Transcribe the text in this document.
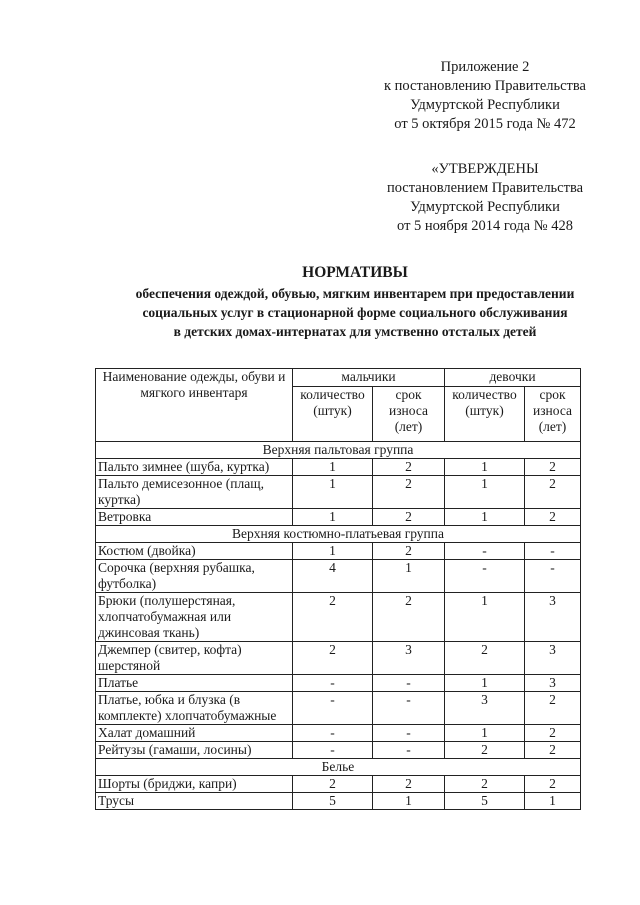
Приложение 2
к постановлению Правительства
Удмуртской Республики
от 5 октября 2015 года № 472
«УТВЕРЖДЕНЫ
постановлением Правительства
Удмуртской Республики
от 5 ноября 2014 года № 428
НОРМАТИВЫ
обеспечения одеждой, обувью, мягким инвентарем при предоставлении
социальных услуг в стационарной форме социального обслуживания
в детских домах-интернатах для умственно отсталых детей
Наименование одежды, обуви и мягкого инвентаря	мальчики		девочки	
	количество (штук)	срок износа (лет)	количество (штук)	срок износа (лет)
Верхняя пальтовая группа				
Пальто зимнее (шуба, куртка)	1	2	1	2
Пальто демисезонное (плащ, куртка)	1	2	1	2
Ветровка	1	2	1	2
Верхняя костюмно-платьевая группа				
Костюм (двойка)	1	2	-	-
Сорочка (верхняя рубашка, футболка)	4	1	-	-
Брюки (полушерстяная, хлопчатобумажная или джинсовая ткань)	2	2	1	3
Джемпер (свитер, кофта) шерстяной	2	3	2	3
Платье	-	-	1	3
Платье, юбка и блузка (в комплекте) хлопчатобумажные	-	-	3	2
Халат домашний	-	-	1	2
Рейтузы (гамаши, лосины)	-	-	2	2
Белье				
Шорты (бриджи, капри)	2	2	2	2
Трусы	5	1	5	1
